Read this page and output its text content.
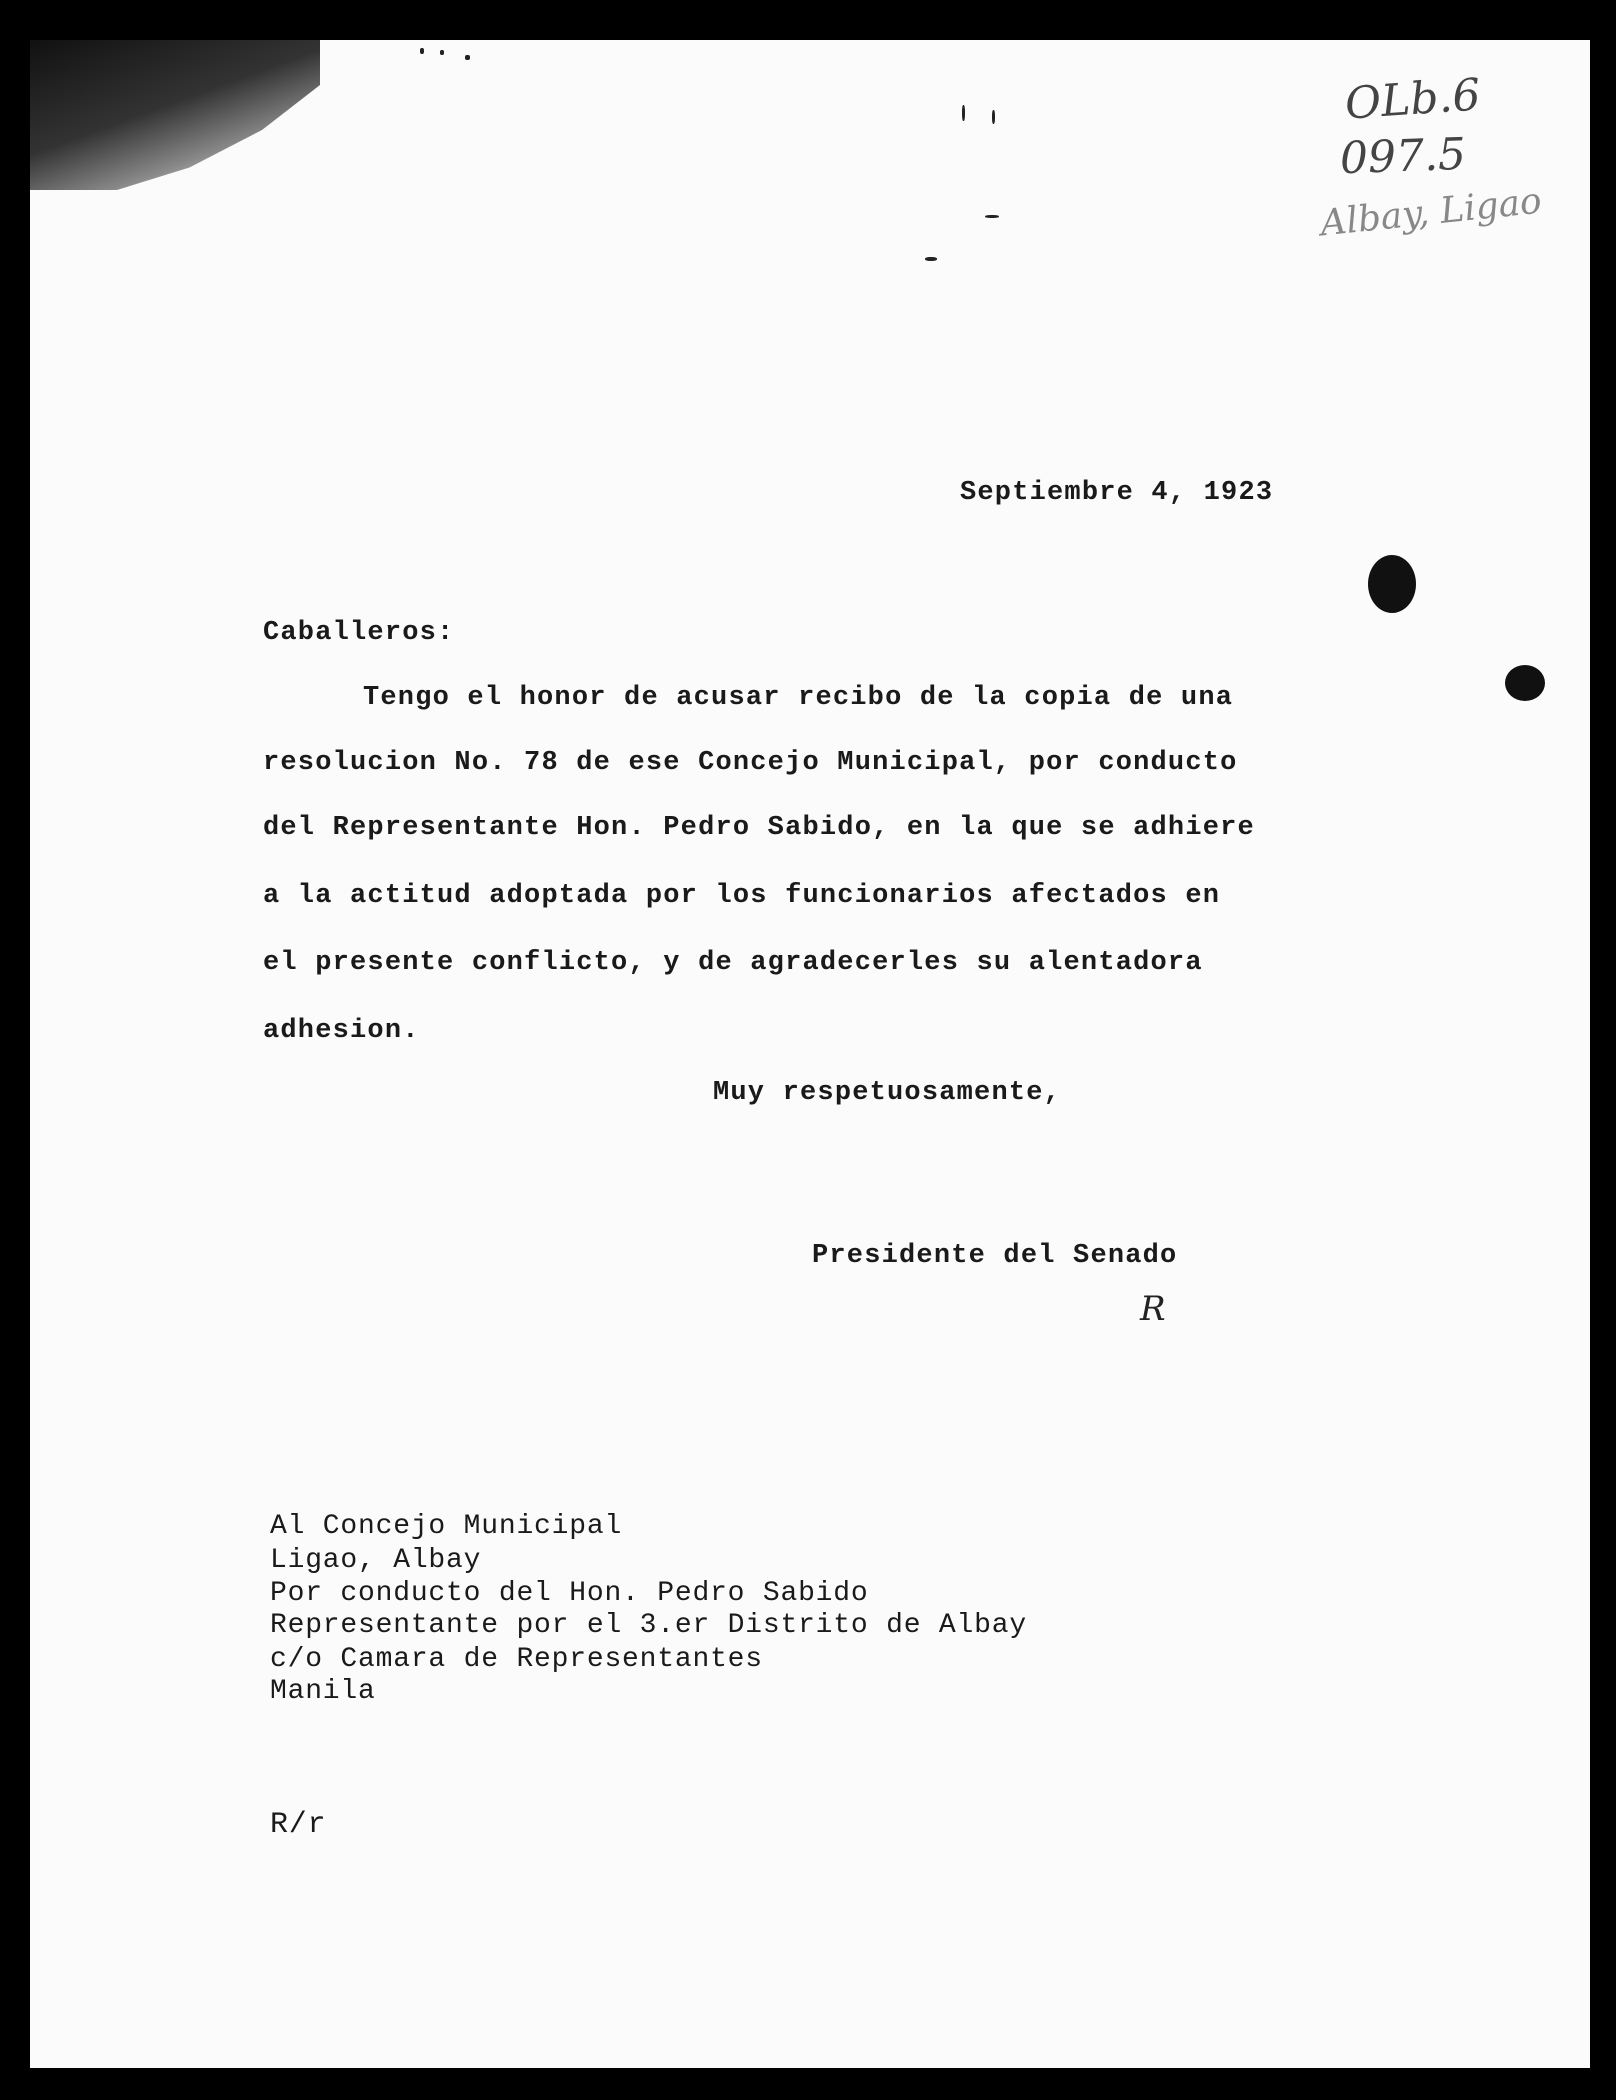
OLb.6
097.5
Albay, Ligao
Septiembre 4, 1923
Caballeros:
Tengo el honor de acusar recibo de la copia de una
resolucion No. 78 de ese Concejo Municipal, por conducto
del Representante Hon. Pedro Sabido, en la que se adhiere
a la actitud adoptada por los funcionarios afectados en
el presente conflicto, y de agradecerles su alentadora
adhesion.
Muy respetuosamente,
Presidente del Senado
R
Al Concejo Municipal
Ligao, Albay
Por conducto del Hon. Pedro Sabido
Representante por el 3.er Distrito de Albay
c/o Camara de Representantes
Manila
R/r
